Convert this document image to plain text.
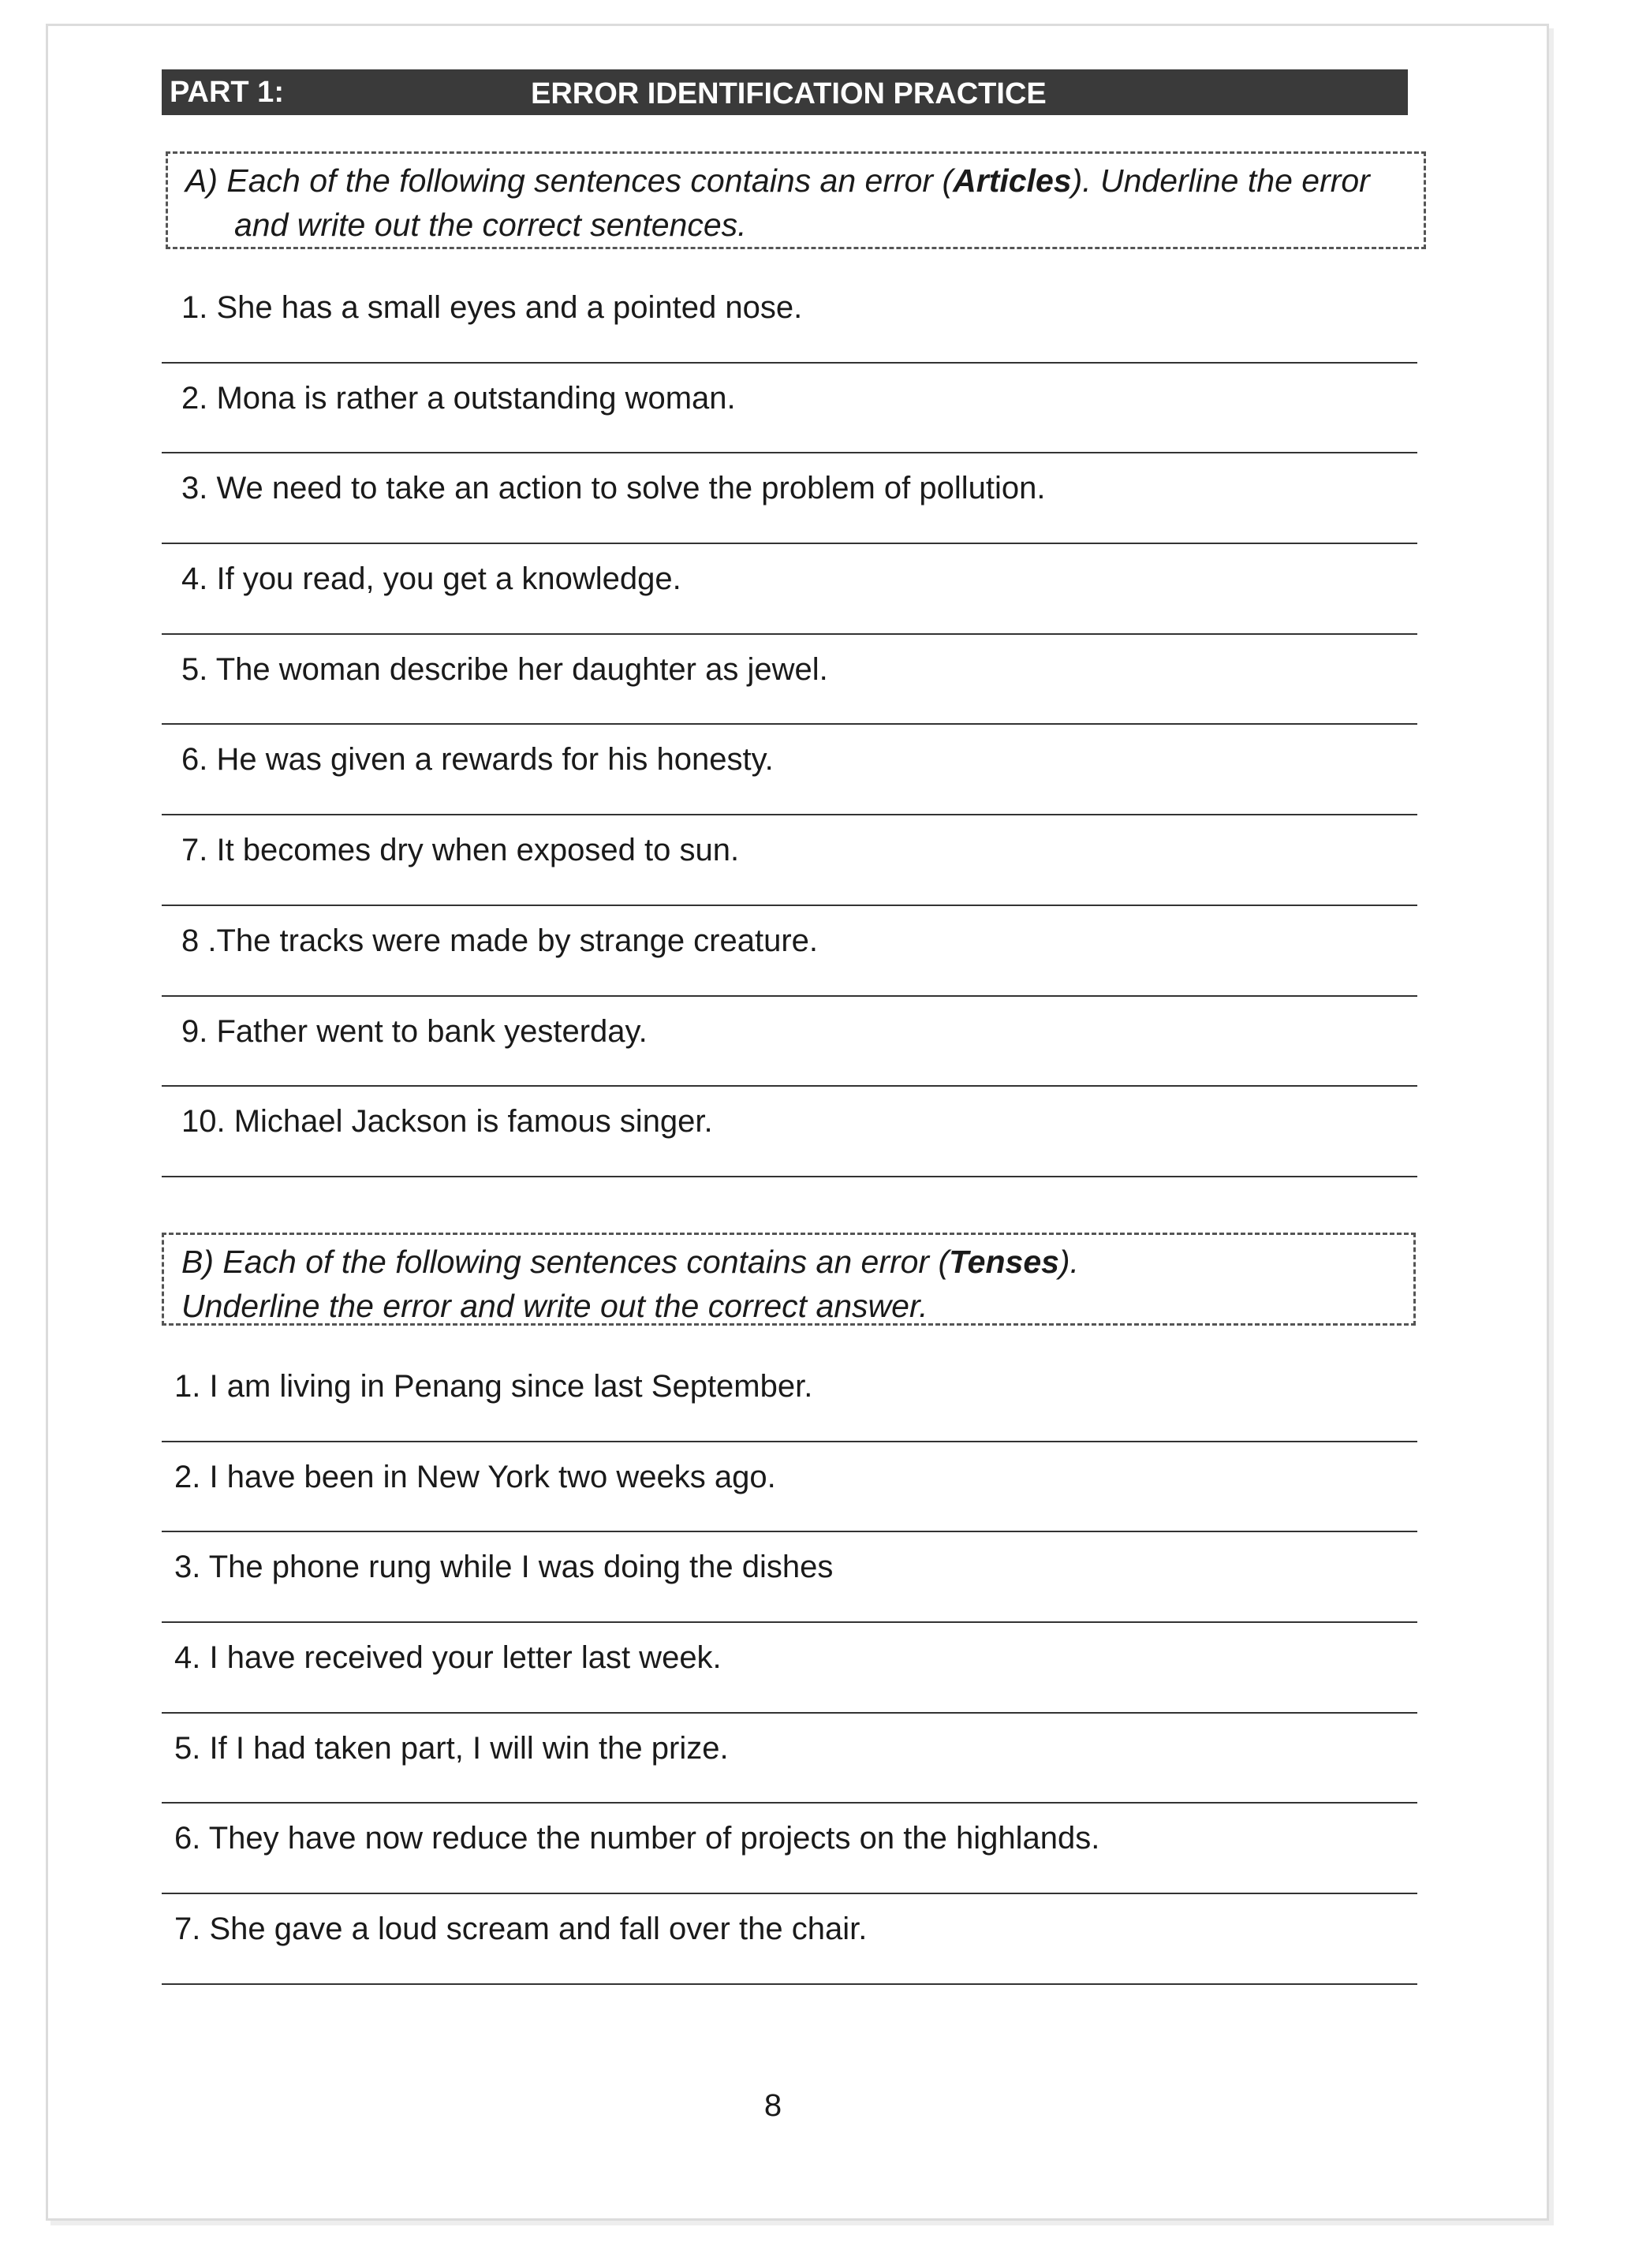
PART 1:	ERROR IDENTIFICATION PRACTICE
A) Each of the following sentences contains an error (Articles). Underline the error
and write out the correct sentences.
1. She has a small eyes and a pointed nose.
2. Mona is rather a outstanding woman.
3. We need to take an action to solve the problem of pollution.
4. If you read, you get a knowledge.
5. The woman describe her daughter as jewel.
6. He was given a rewards for his honesty.
7. It becomes dry when exposed to sun.
8 .The tracks were made by strange creature.
9. Father went to bank yesterday.
10. Michael Jackson is famous singer.
B) Each of the following sentences contains an error (Tenses).
Underline the error and write out the correct answer.
1. I am living in Penang since last September.
2. I have been in New York two weeks ago.
3. The phone rung while I was doing the dishes
4. I have received your letter last week.
5. If I had taken part, I will win the prize.
6. They have now reduce the number of projects on the highlands.
7. She gave a loud scream and fall over the chair.
8
